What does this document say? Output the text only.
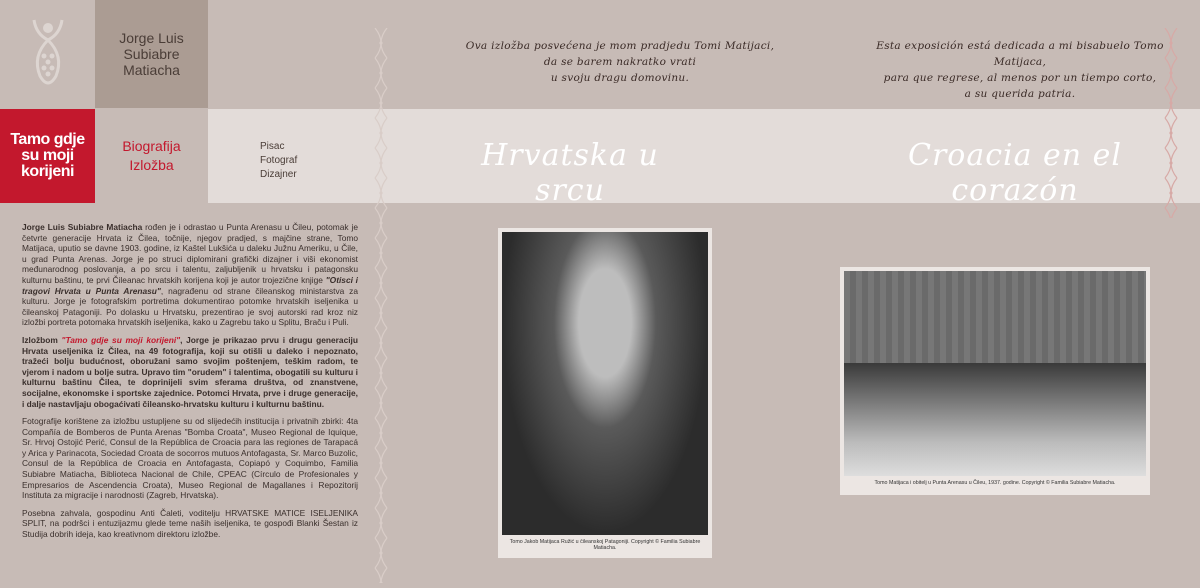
Jorge Luis
Subiabre
Matiacha
Tamo gdje
su moji
korijeni
Biografija
Izložba
Pisac
Fotograf
Dizajner
Ova izložba posvećena je mom pradjedu Tomi Matijaci,
da se barem nakratko vrati
u svoju dragu domovinu.
Esta exposición está dedicada a mi bisabuelo Tomo Matijaca,
para que regrese, al menos por un tiempo corto,
a su querida patria.
Hrvatska u srcu
Croacia en el corazón

Jorge Luis Subiabre Matiacha rođen je i odrastao u Punta Arenasu u Čileu, potomak je četvrte generacije Hrvata iz Čilea, točnije, njegov pradjed, s majčine strane, Tomo Matijaca, uputio se davne 1903. godine, iz Kaštel Lukšića u daleku Južnu Ameriku, u Čile, u grad Punta Arenas. Jorge je po struci diplomirani grafički dizajner i viši ekonomist međunarodnog poslovanja, a po srcu i talentu, zaljubljenik u hrvatsku i patagonsku kulturnu baštinu, te prvi Čileanac hrvatskih korijena koji je autor trojezične knjige "Otisci i tragovi Hrvata u Punta Arenasu", nagrađenu od strane čileanskog ministarstva za kulturu. Jorge je fotografskim portretima dokumentirao potomke hrvatskih iseljenika u čileanskoj Patagoniji. Po dolasku u Hrvatsku, prezentirao je svoj autorski rad kroz niz izložbi portreta potomaka hrvatskih iseljenika, kako u Zagrebu tako u Splitu, Braču i Puli.

Izložbom "Tamo gdje su moji korijeni", Jorge je prikazao prvu i drugu generaciju Hrvata useljenika iz Čilea, na 49 fotografija, koji su otišli u daleko i nepoznato, tražeći bolju budućnost, oboružani samo svojim poštenjem, teškim radom, te vjerom i nadom u bolje sutra. Upravo tim "orudem" i talentima, obogatili su kulturu i kulturnu baštinu Čilea, te doprinijeli svim sferama društva, od znanstvene, socijalne, ekonomske i sportske zajednice. Potomci Hrvata, prve i druge generacije, i dalje nastavljaju obogaćivati čileansko-hrvatsku kulturu i kulturnu baštinu.

Fotografije korištene za izložbu ustupljene su od slijedećih institucija i privatnih zbirki: 4ta Compañía de Bomberos de Punta Arenas "Bomba Croata", Museo Regional de Iquique, Sr. Hrvoj Ostojić Perić, Consul de la República de Croacia para las regiones de Tarapacá y Arica y Parinacota, Sociedad Croata de socorros mutuos Antofagasta, Sr. Marco Buzolic, Consul de la República de Croacia en Antofagasta, Copiapó y Coquimbo, Familia Subiabre Matiacha, Biblioteca Nacional de Chile, CPEAC (Círculo de Profesionales y Empresarios de Ascendencia Croata), Museo Regional de Magallanes i Repozitorij Instituta za migracije i narodnosti (Zagreb, Hrvatska).

Posebna zahvala, gospodinu Anti Čaleti, voditelju HRVATSKE MATICE ISELJENIKA SPLIT, na podršci i entuzijazmu glede teme naših iseljenika, te gospođi Blanki Šestan iz Studija dobrih ideja, kao kreativnom direktoru izložbe.

Tomo Jakob Matijaca Ružić u čileanskoj Patagoniji. Copyright © Familia Subiabre Matiacha.
Tomo Matijaca i obitelj u Punta Arenasu u Čileu, 1937. godine. Copyright © Familia Subiabre Matiacha.
